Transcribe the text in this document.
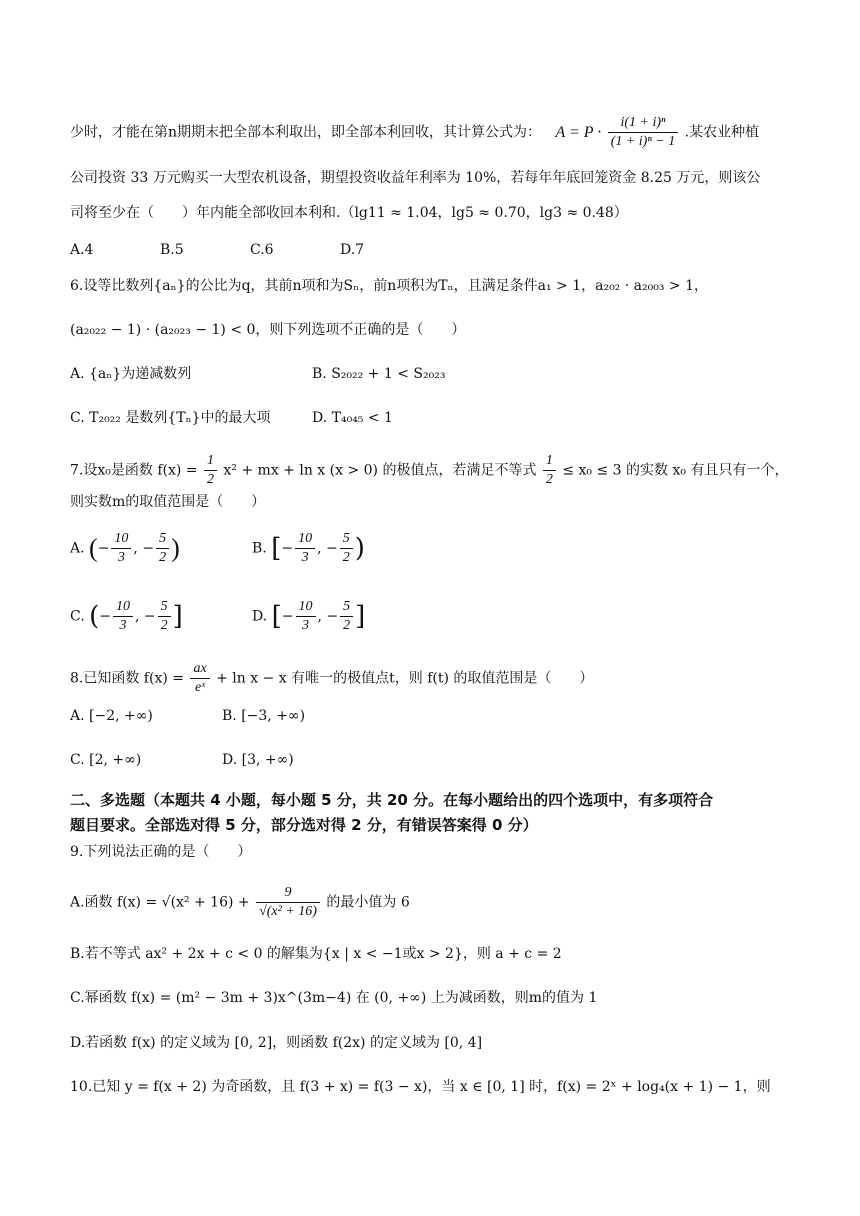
少时，才能在第n期期末把全部本利取出，即全部本利回收，其计算公式为： $A = P \cdot \frac{\text{i(1 + i)ⁿ}}{\text{(1 + i)ⁿ − 1}}$ .某农业种植
公司投资 33 万元购买一大型农机设备，期望投资收益年利率为 10%，若每年年底回笼资金 8.25 万元，则该公
司将至少在（　　）年内能全部收回本利和.（lg11 ≈ 1.04，lg5 ≈ 0.70，lg3 ≈ 0.48）
A.4	B.5	C.6	D.7
6.设等比数列{aₙ}的公比为q，其前n项和为Sₙ，前n项积为Tₙ，且满足条件a₁ > 1，a₂₀₂ · a₂₀₀₃ > 1，
(a₂₀₂₂ − 1) · (a₂₀₂₃ − 1) < 0，则下列选项不正确的是（　　）
A. {aₙ}为递减数列	B. S₂₀₂₂ + 1 < S₂₀₂₃
C. T₂₀₂₂ 是数列{Tₙ}中的最大项	D. T₄₀₄₅ < 1
7.设x₀是函数 $f(x) = \frac{1}{2} x^2$ + mx + ln x (x > 0) 的极值点，若满足不等式 $\frac{1}{2} \le x_0 \le 3$ 的实数 x₀ 有且只有一个，
则实数m的取值范围是（　　）
A. (− $\frac{10}{3}$ , − $\frac{5}{2}$ )	B. [− $\frac{10}{3}$ , − $\frac{5}{2}$ )
C. (− $\frac{10}{3}$ , − $\frac{5}{2}$ ]	D. [− $\frac{10}{3}$ , − $\frac{5}{2}$ ]
8.已知函数 $f(x) = \frac{ax}{\text{eˣ}} + \ln x - x$ 有唯一的极值点t，则 f(t) 的取值范围是（　　）
A. [−2, +∞)	B. [−3, +∞)
C. [2, +∞)	D. [3, +∞)
二、多选题（本题共 4 小题，每小题 5 分，共 20 分。在每小题给出的四个选项中，有多项符合
题目要求。全部选对得 5 分，部分选对得 2 分，有错误答案得 0 分）
9.下列说法正确的是（　　）
A.函数 $f(x) = √(x^2 + 16) + \frac{9}{\text{√(x² + 16)}}$ 的最小值为 6
B.若不等式 ax² + 2x + c < 0 的解集为{x | x < −1或x > 2}，则 a + c = 2
C.幂函数 f(x) = (m² − 3m + 3)x^(3m−4) 在 (0, +∞) 上为减函数，则m的值为 1
D.若函数 f(x) 的定义域为 [0, 2]，则函数 f(2x) 的定义域为 [0, 4]
10.已知 y = f(x + 2) 为奇函数，且 f(3 + x) = f(3 − x)，当 x ∈ [0, 1] 时，f(x) = 2ˣ + log₄(x + 1) − 1，则
